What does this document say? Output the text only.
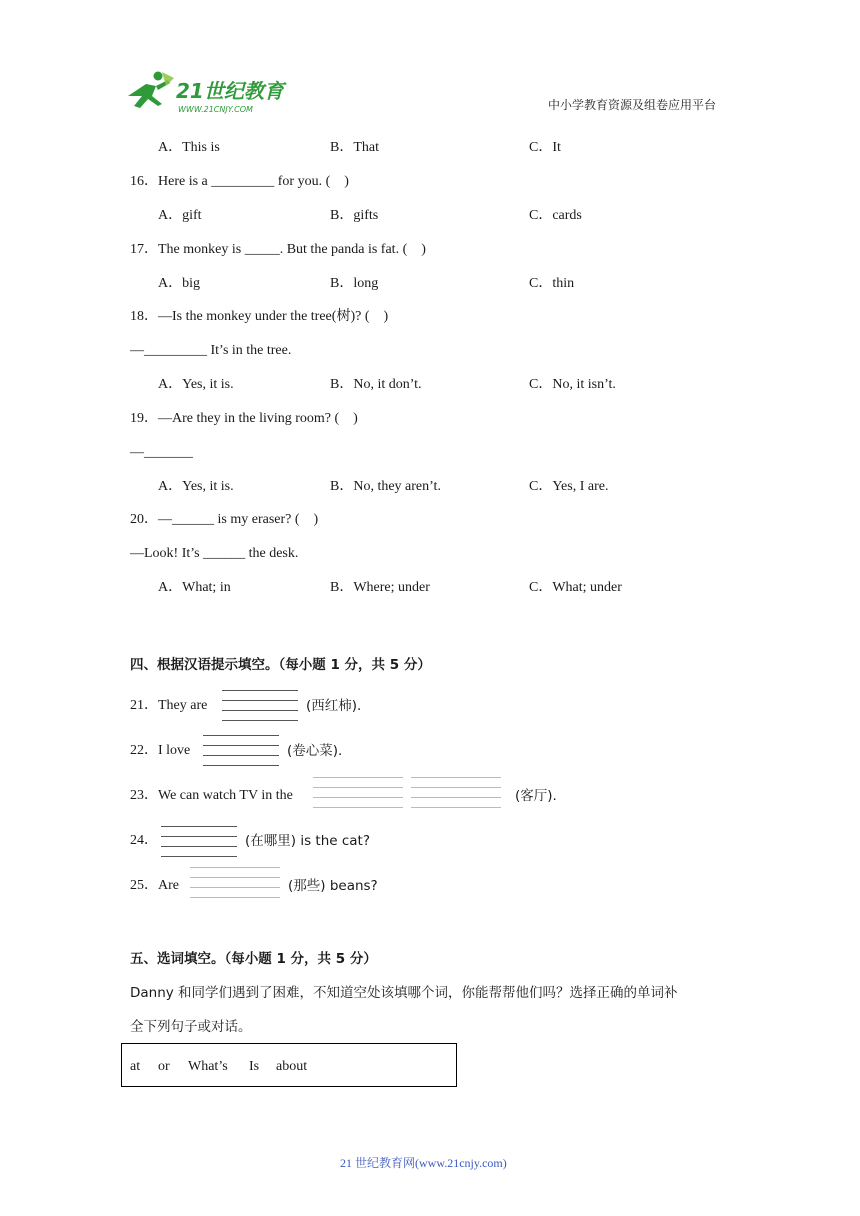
21世纪教育
WWW.21CNJY.COM	中小学教育资源及组卷应用平台
A．This is	B．That	C．It
16．Here is a _________ for you. (　)
A．gift	B．gifts	C．cards
17．The monkey is _____. But the panda is fat. (　)
A．big	B．long	C．thin
18．—Is the monkey under the tree(树)? (　)
—_________ It’s in the tree.
A．Yes, it is.	B．No, it don’t.	C．No, it isn’t.
19．—Are they in the living room? (　)
—_______
A．Yes, it is.	B．No, they aren’t.	C．Yes, I are.
20．—______ is my eraser? (　)
—Look! It’s ______ the desk.
A．What; in	B．Where; under	C．What; under
四、根据汉语提示填空。（每小题 1 分，共 5 分）
21．They are	(西红柿).
22．I love	(卷心菜).
23．We can watch TV in the	(客厅).
24．	(在哪里) is the cat?
25．Are	(那些) beans?
五、选词填空。（每小题 1 分，共 5 分）
Danny 和同学们遇到了困难，不知道空处该填哪个词，你能帮帮他们吗？选择正确的单词补
全下列句子或对话。
at or What’s Is about
21 世纪教育网(www.21cnjy.com)
